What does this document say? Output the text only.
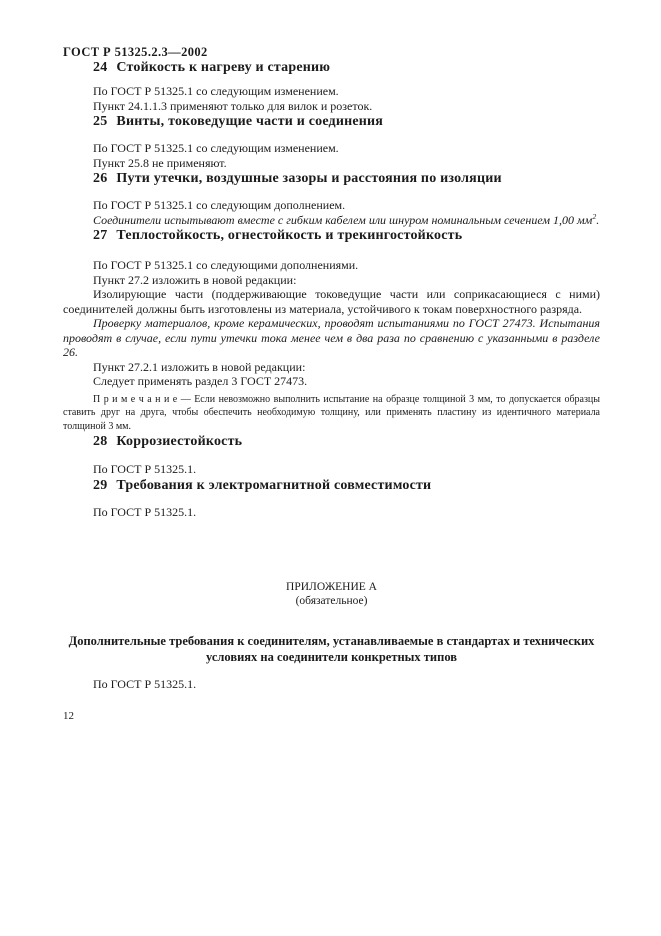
ГОСТ Р 51325.2.3—2002
24 Стойкость к нагреву и старению

По ГОСТ Р 51325.1 со следующим изменением.

Пункт 24.1.1.3 применяют только для вилок и розеток.

25 Винты, токоведущие части и соединения

По ГОСТ Р 51325.1 со следующим изменением.

Пункт 25.8 не применяют.

26 Пути утечки, воздушные зазоры и расстояния по изоляции

По ГОСТ Р 51325.1 со следующим дополнением.

Соединители испытывают вместе с гибким кабелем или шнуром номинальным сечением 1,00 $мм^2$.

27 Теплостойкость, огнестойкость и трекингостойкость

По ГОСТ Р 51325.1 со следующими дополнениями.

Пункт 27.2 изложить в новой редакции:

Изолирующие части (поддерживающие токоведущие части или соприкасающиеся с ними) соединителей должны быть изготовлены из материала, устойчивого к токам поверхностного разряда.

Проверку материалов, кроме керамических, проводят испытаниями по ГОСТ 27473. Испытания проводят в случае, если пути утечки тока менее чем в два раза по сравнению с указанными в разделе 26.

Пункт 27.2.1 изложить в новой редакции:

Следует применять раздел 3 ГОСТ 27473.

П р и м е ч а н и е — Если невозможно выполнить испытание на образце толщиной 3 мм, то допускается образцы ставить друг на друга, чтобы обеспечить необходимую толщину, или применять пластину из идентичного материала толщиной 3 мм.

28 Коррозиестойкость

По ГОСТ Р 51325.1.

29 Требования к электромагнитной совместимости

По ГОСТ Р 51325.1.

ПРИЛОЖЕНИЕ А

(обязательное)

Дополнительные требования к соединителям, устанавливаемые в стандартах и технических условиях на соединители конкретных типов

По ГОСТ Р 51325.1.

12
